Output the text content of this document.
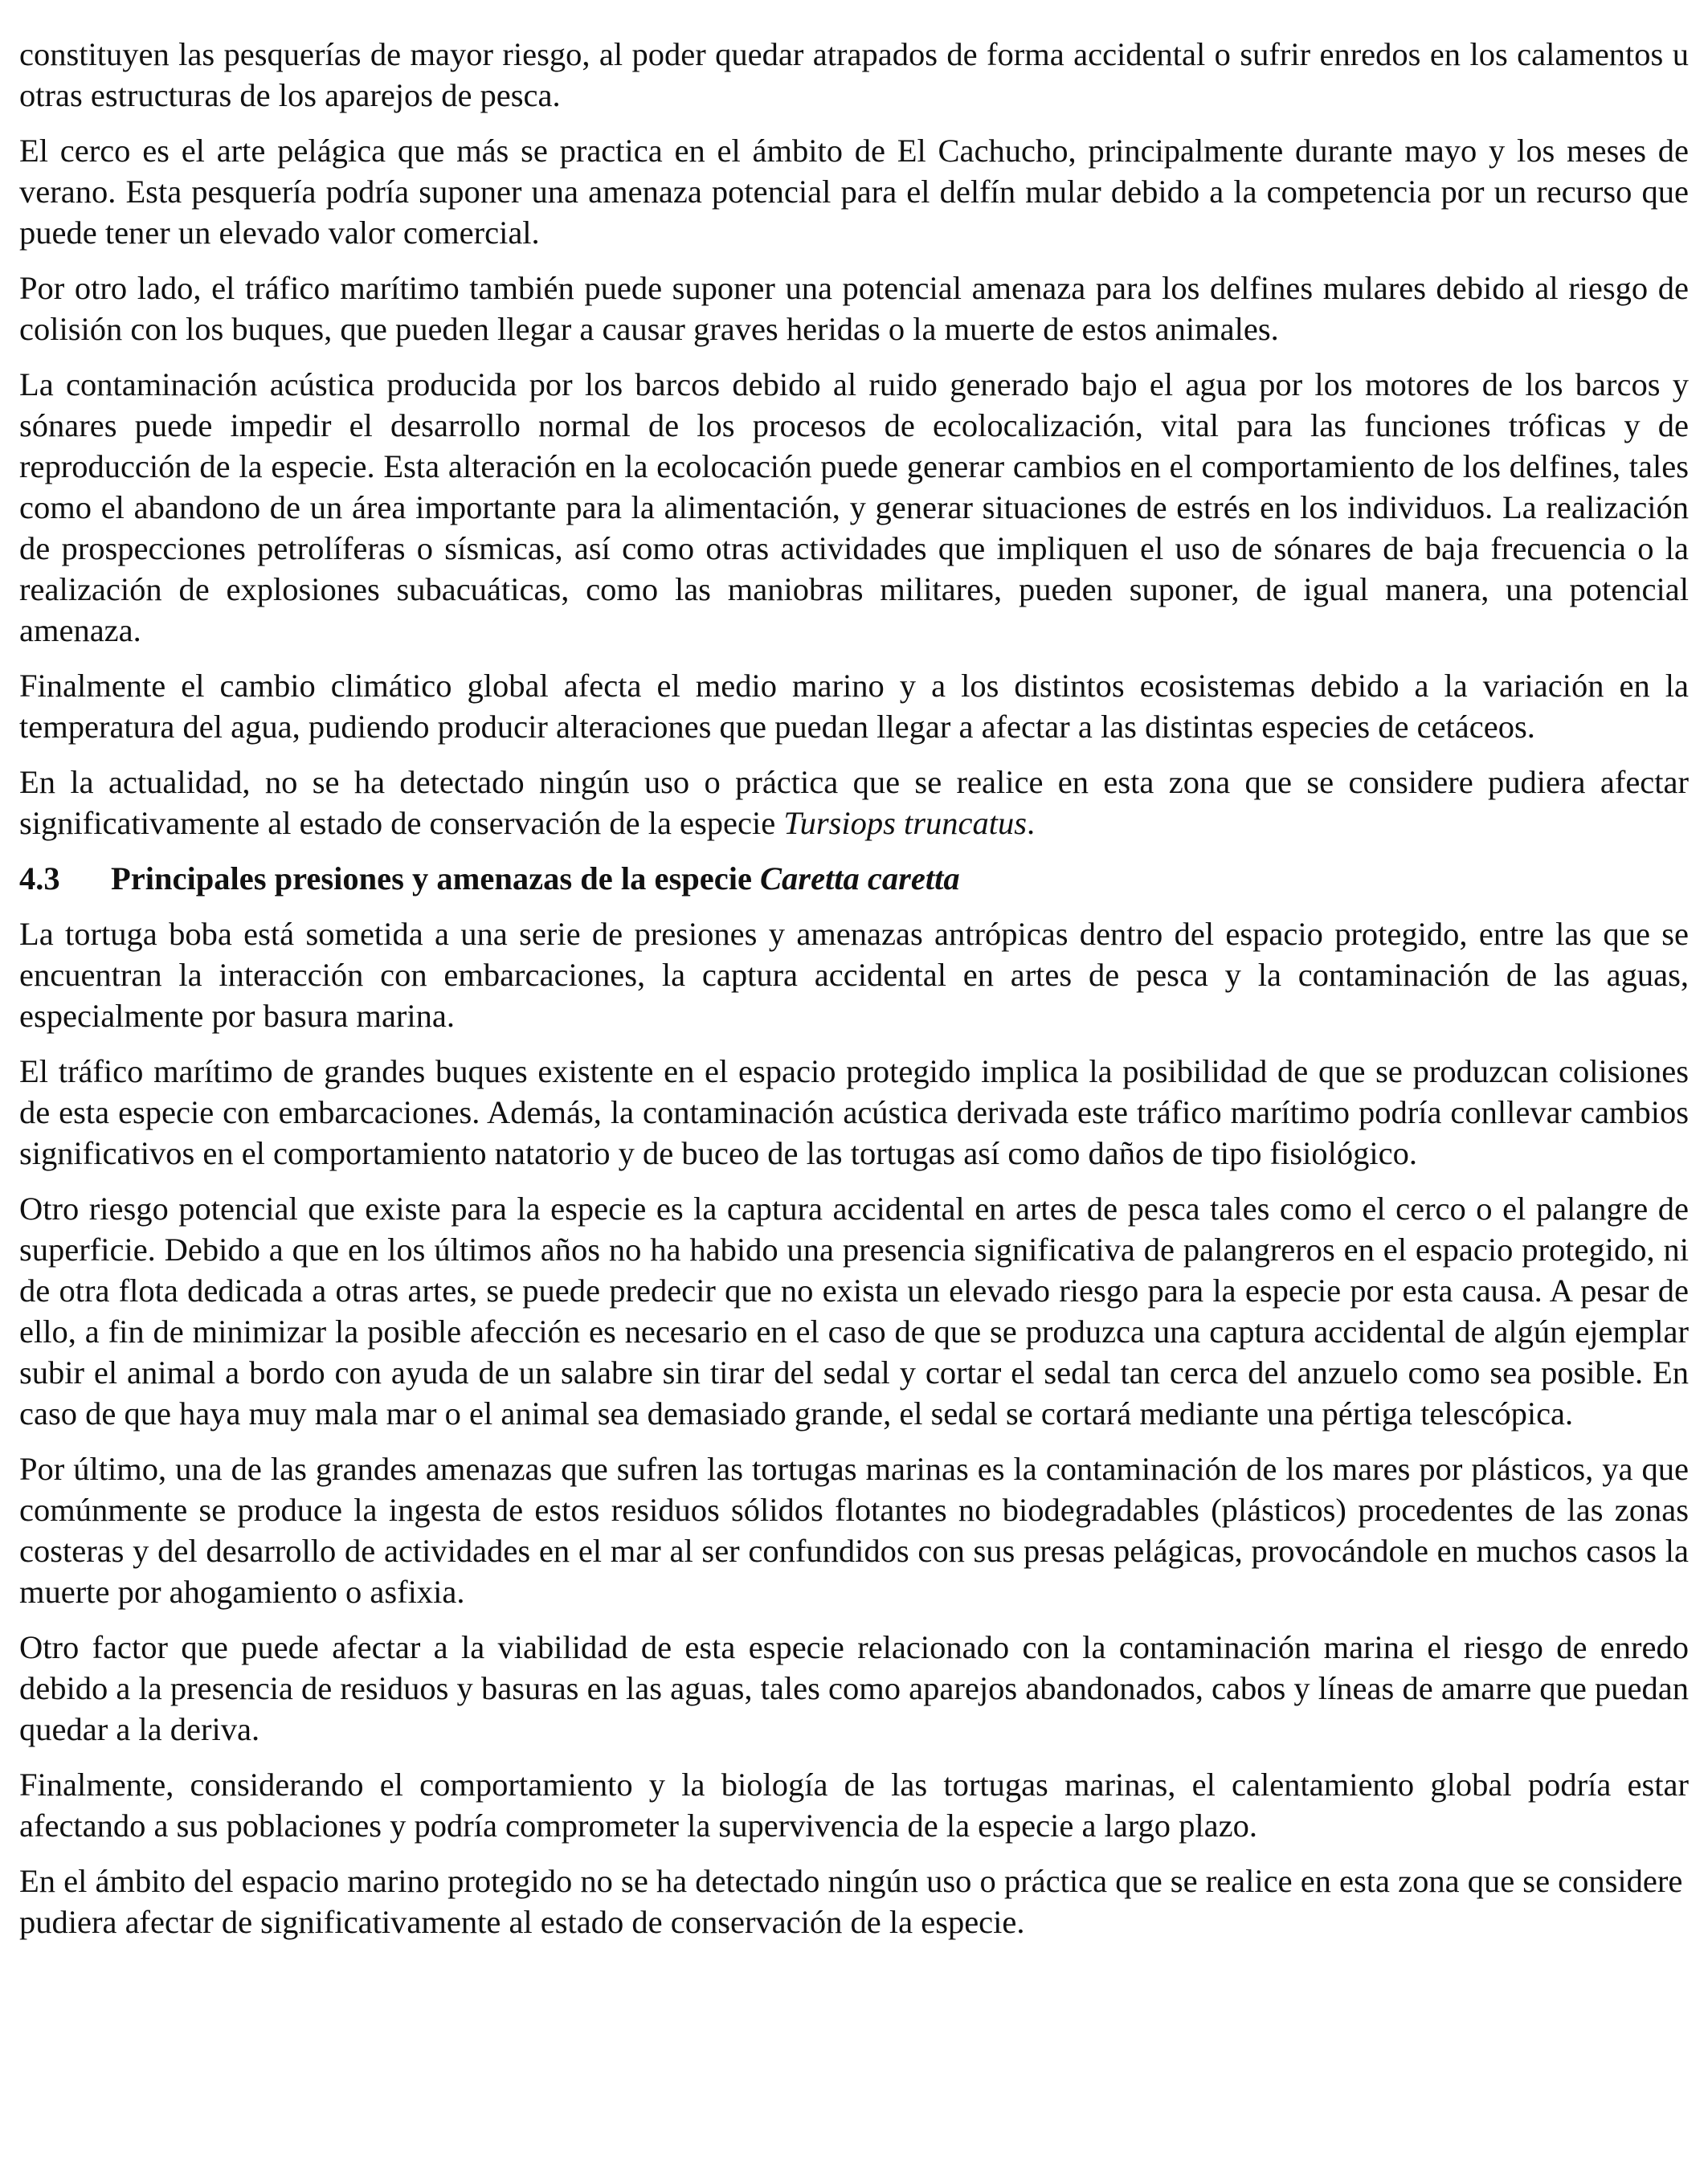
constituyen las pesquerías de mayor riesgo, al poder quedar atrapados de forma accidental o sufrir enredos en los calamentos u otras estructuras de los aparejos de pesca.

El cerco es el arte pelágica que más se practica en el ámbito de El Cachucho, principalmente durante mayo y los meses de verano. Esta pesquería podría suponer una amenaza potencial para el delfín mular debido a la competencia por un recurso que puede tener un elevado valor comercial.

Por otro lado, el tráfico marítimo también puede suponer una potencial amenaza para los delfines mulares debido al riesgo de colisión con los buques, que pueden llegar a causar graves heridas o la muerte de estos animales.

La contaminación acústica producida por los barcos debido al ruido generado bajo el agua por los motores de los barcos y sónares puede impedir el desarrollo normal de los procesos de ecolocalización, vital para las funciones tróficas y de reproducción de la especie. Esta alteración en la ecolocación puede generar cambios en el comportamiento de los delfines, tales como el abandono de un área importante para la alimentación, y generar situaciones de estrés en los individuos. La realización de prospecciones petrolíferas o sísmicas, así como otras actividades que impliquen el uso de sónares de baja frecuencia o la realización de explosiones subacuáticas, como las maniobras militares, pueden suponer, de igual manera, una potencial amenaza.

Finalmente el cambio climático global afecta el medio marino y a los distintos ecosistemas debido a la variación en la temperatura del agua, pudiendo producir alteraciones que puedan llegar a afectar a las distintas especies de cetáceos.

En la actualidad, no se ha detectado ningún uso o práctica que se realice en esta zona que se considere pudiera afectar significativamente al estado de conservación de la especie Tursiops truncatus.

4.3	Principales presiones y amenazas de la especie Caretta caretta

La tortuga boba está sometida a una serie de presiones y amenazas antrópicas dentro del espacio protegido, entre las que se encuentran la interacción con embarcaciones, la captura accidental en artes de pesca y la contaminación de las aguas, especialmente por basura marina.

El tráfico marítimo de grandes buques existente en el espacio protegido implica la posibilidad de que se produzcan colisiones de esta especie con embarcaciones. Además, la contaminación acústica derivada este tráfico marítimo podría conllevar cambios significativos en el comportamiento natatorio y de buceo de las tortugas así como daños de tipo fisiológico.

Otro riesgo potencial que existe para la especie es la captura accidental en artes de pesca tales como el cerco o el palangre de superficie. Debido a que en los últimos años no ha habido una presencia significativa de palangreros en el espacio protegido, ni de otra flota dedicada a otras artes, se puede predecir que no exista un elevado riesgo para la especie por esta causa. A pesar de ello, a fin de minimizar la posible afección es necesario en el caso de que se produzca una captura accidental de algún ejemplar subir el animal a bordo con ayuda de un salabre sin tirar del sedal y cortar el sedal tan cerca del anzuelo como sea posible. En caso de que haya muy mala mar o el animal sea demasiado grande, el sedal se cortará mediante una pértiga telescópica.

Por último, una de las grandes amenazas que sufren las tortugas marinas es la contaminación de los mares por plásticos, ya que comúnmente se produce la ingesta de estos residuos sólidos flotantes no biodegradables (plásticos) procedentes de las zonas costeras y del desarrollo de actividades en el mar al ser confundidos con sus presas pelágicas, provocándole en muchos casos la muerte por ahogamiento o asfixia.

Otro factor que puede afectar a la viabilidad de esta especie relacionado con la contaminación marina el riesgo de enredo debido a la presencia de residuos y basuras en las aguas, tales como aparejos abandonados, cabos y líneas de amarre que puedan quedar a la deriva.

Finalmente, considerando el comportamiento y la biología de las tortugas marinas, el calentamiento global podría estar afectando a sus poblaciones y podría comprometer la supervivencia de la especie a largo plazo.

En el ámbito del espacio marino protegido no se ha detectado ningún uso o práctica que se realice en esta zona que se considere pudiera afectar de significativamente al estado de conservación de la especie.
